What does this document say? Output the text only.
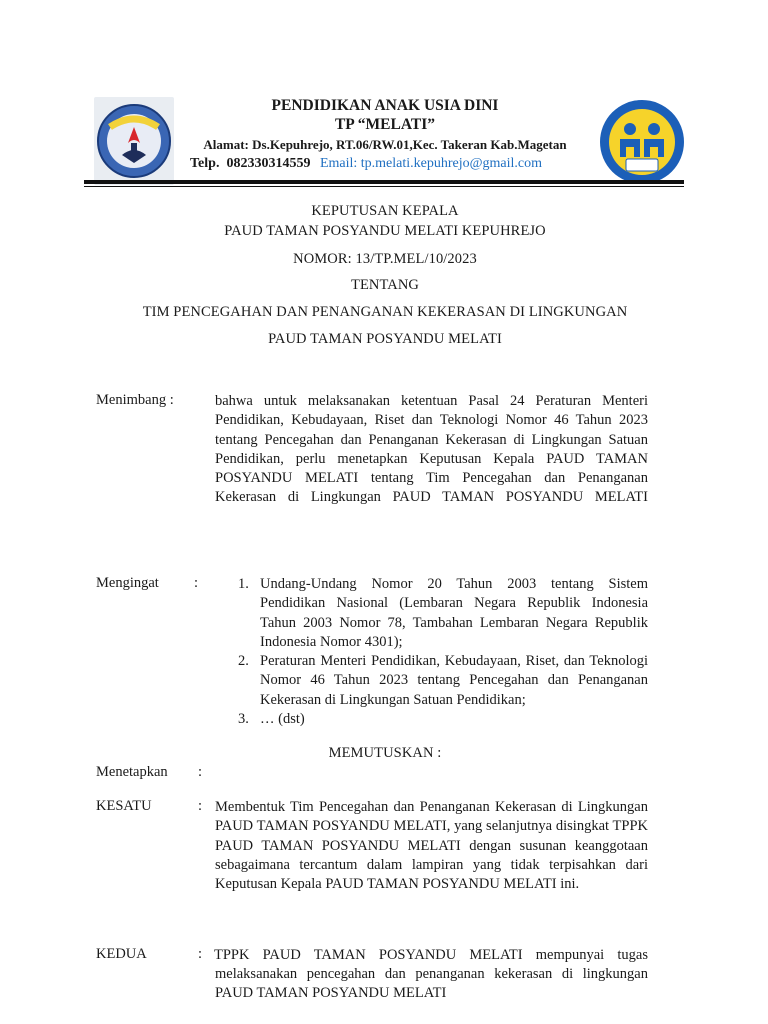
PENDIDIKAN ANAK USIA DINI
TP “MELATI”
Alamat: Ds.Kepuhrejo, RT.06/RW.01,Kec. Takeran Kab.Magetan
Telp. 082330314559 Email: tp.melati.kepuhrejo@gmail.com
KEPUTUSAN KEPALA
PAUD TAMAN POSYANDU MELATI KEPUHREJO
NOMOR: 13/TP.MEL/10/2023
TENTANG
TIM PENCEGAHAN DAN PENANGANAN KEKERASAN DI LINGKUNGAN
PAUD TAMAN POSYANDU MELATI
Menimbang :	bahwa untuk melaksanakan ketentuan Pasal 24 Peraturan Menteri Pendidikan, Kebudayaan, Riset dan Teknologi Nomor 46 Tahun 2023 tentang Pencegahan dan Penanganan Kekerasan di Lingkungan Satuan Pendidikan, perlu menetapkan Keputusan Kepala PAUD TAMAN POSYANDU MELATI tentang Tim Pencegahan dan Penanganan Kekerasan di Lingkungan PAUD TAMAN POSYANDU MELATI
Mengingat :	1. Undang-Undang Nomor 20 Tahun 2003 tentang Sistem Pendidikan Nasional (Lembaran Negara Republik Indonesia Tahun 2003 Nomor 78, Tambahan Lembaran Negara Republik Indonesia Nomor 4301);
2. Peraturan Menteri Pendidikan, Kebudayaan, Riset, dan Teknologi Nomor 46 Tahun 2023 tentang Pencegahan dan Penanganan Kekerasan di Lingkungan Satuan Pendidikan;
3. … (dst)
MEMUTUSKAN :
Menetapkan :
KESATU	: Membentuk Tim Pencegahan dan Penanganan Kekerasan di Lingkungan PAUD TAMAN POSYANDU MELATI, yang selanjutnya disingkat TPPK PAUD TAMAN POSYANDU MELATI dengan susunan keanggotaan sebagaimana tercantum dalam lampiran yang tidak terpisahkan dari Keputusan Kepala PAUD TAMAN POSYANDU MELATI ini.
KEDUA	: TPPK PAUD TAMAN POSYANDU MELATI mempunyai tugas
melaksanakan pencegahan dan penanganan kekerasan di lingkungan PAUD TAMAN POSYANDU MELATI
